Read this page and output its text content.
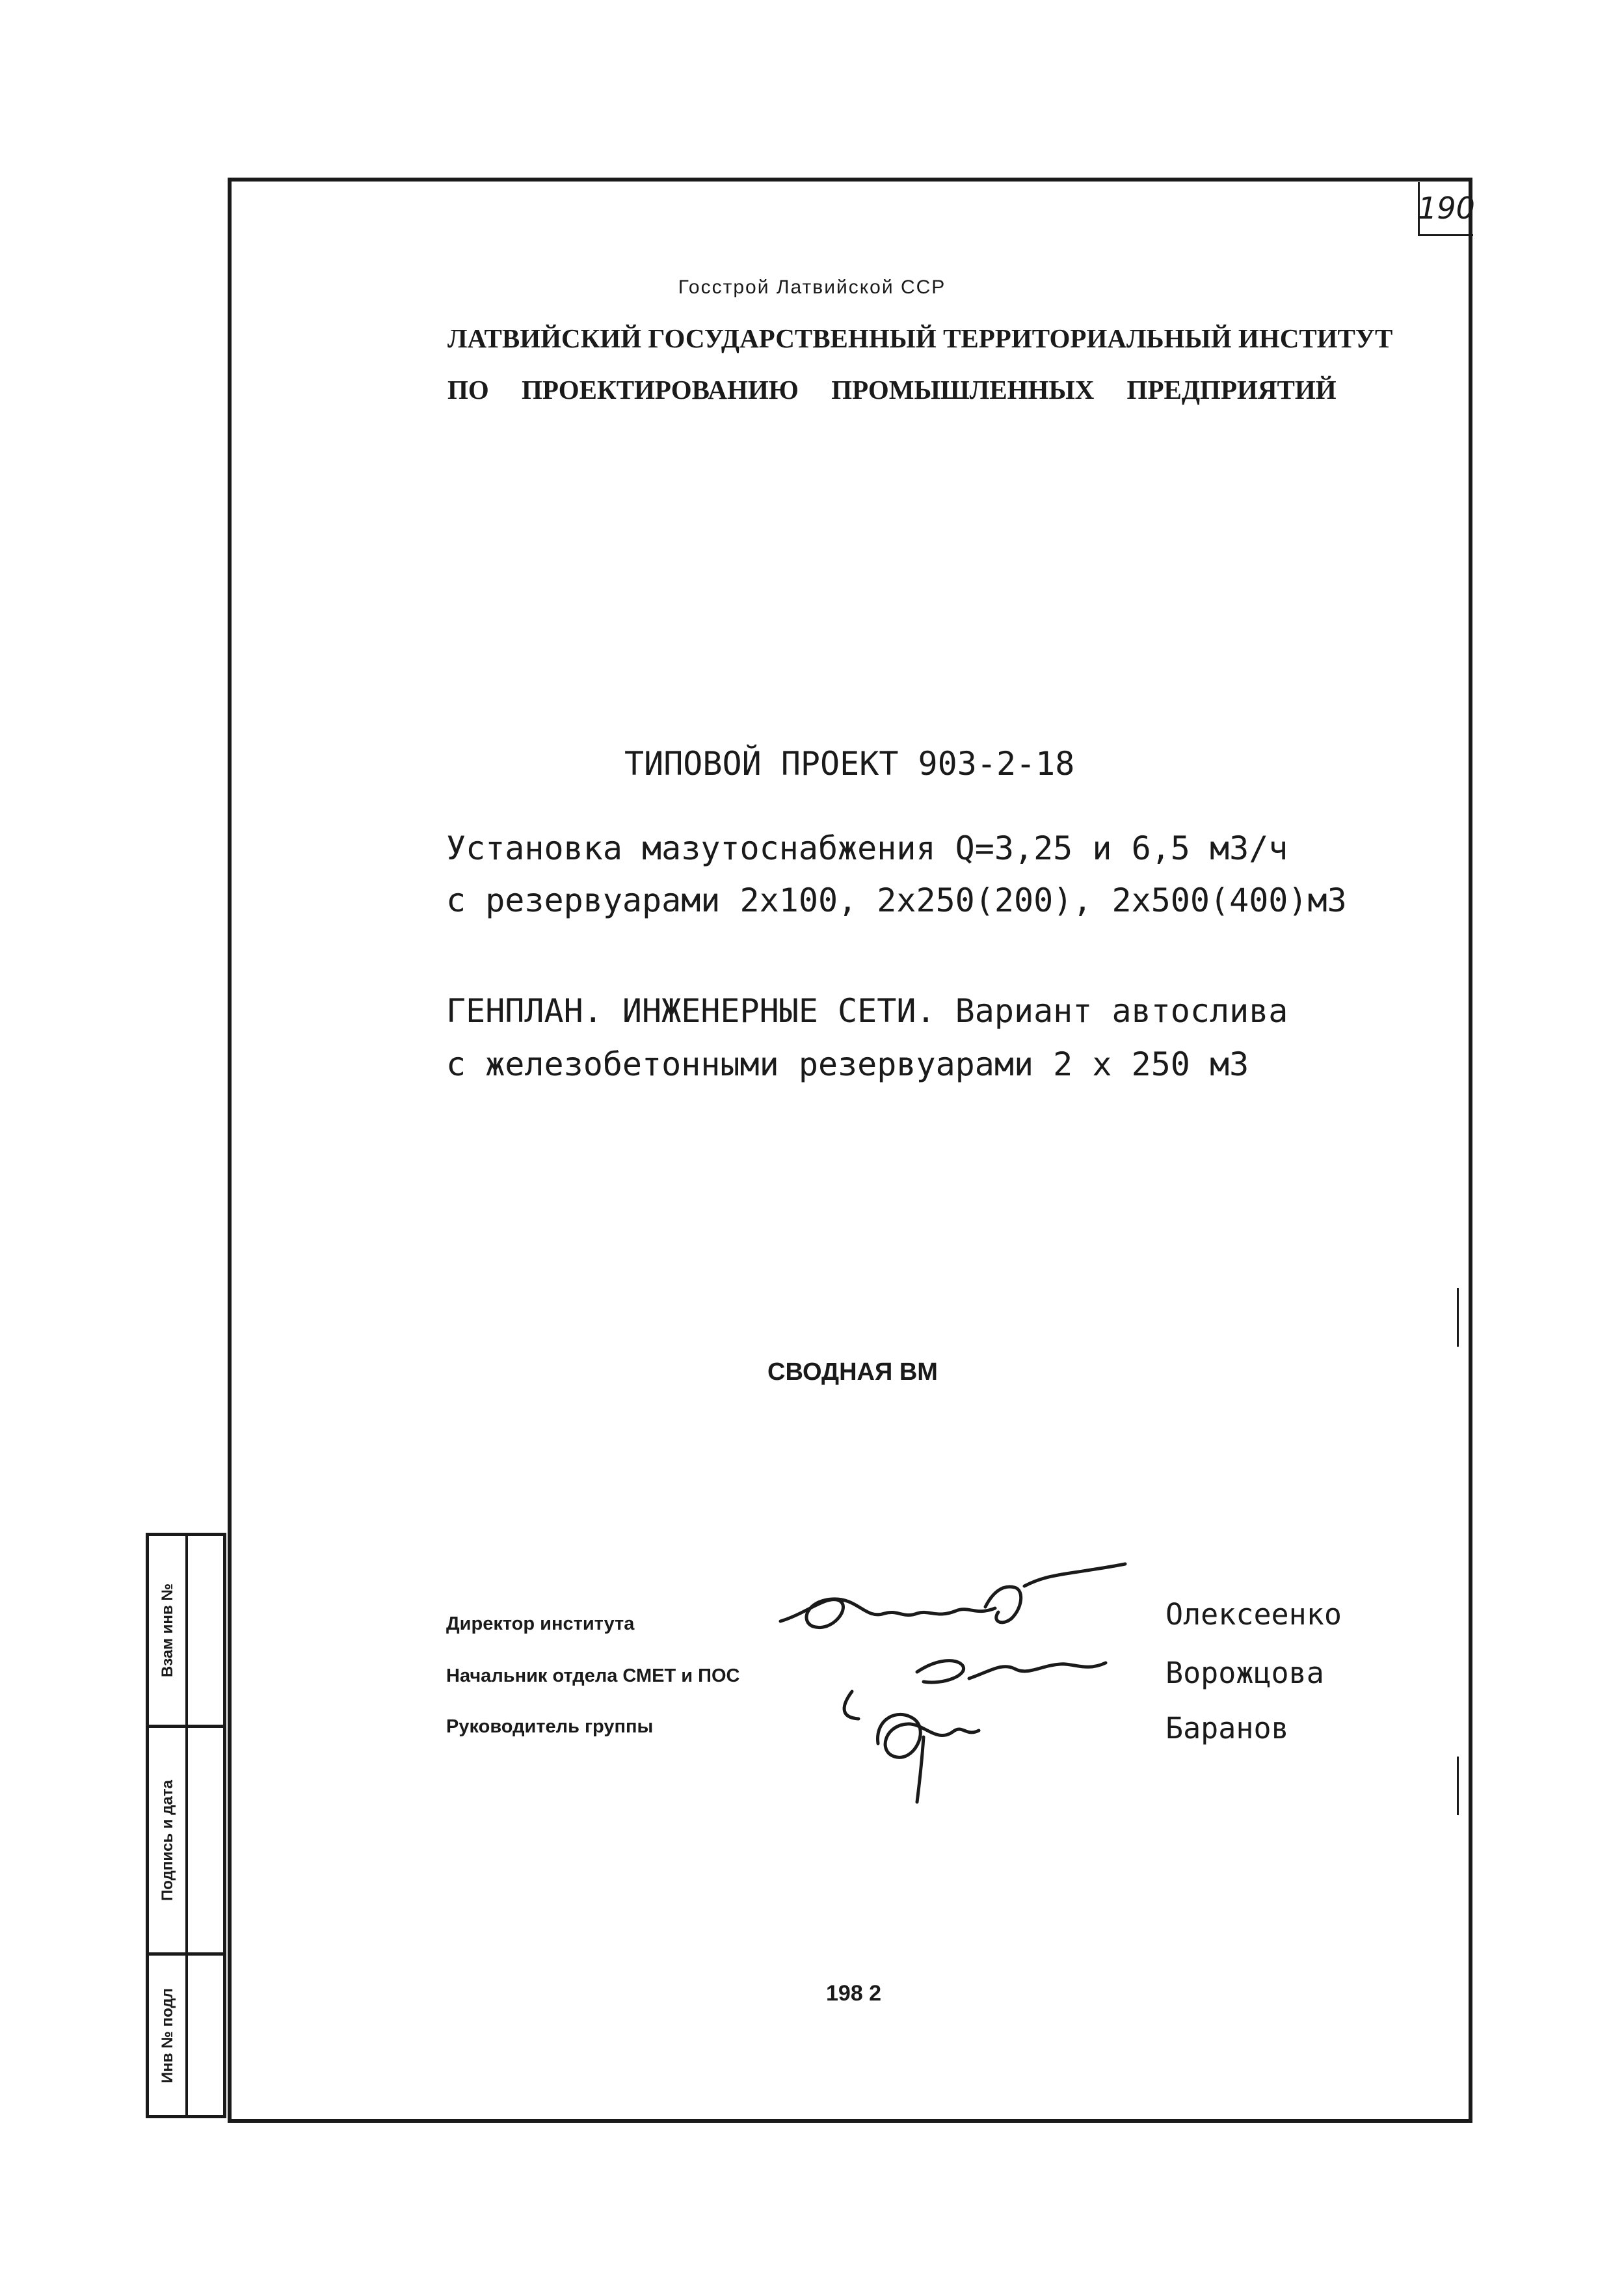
190
Госстрой Латвийской ССР
ЛАТВИЙСКИЙ ГОСУДАРСТВЕННЫЙ ТЕРРИТОРИАЛЬНЫЙ ИНСТИТУТ
ПО ПРОЕКТИРОВАНИЮ ПРОМЫШЛЕННЫХ ПРЕДПРИЯТИЙ
ТИПОВОЙ ПРОЕКТ 903-2-18
Установка мазутоснабжения Q=3,25 и 6,5 м3/ч
с резервуарами 2х100, 2х250(200), 2х500(400)м3
ГЕНПЛАН. ИНЖЕНЕРНЫЕ СЕТИ. Вариант автослива
с железобетонными резервуарами 2 х 250 м3
СВОДНАЯ ВМ
Директор института
Начальник отдела СМЕТ и ПОС
Руководитель группы
Олексеенко
Ворожцова
Баранов
198 2
Взам инв №
Подпись и дата
Инв № подл
